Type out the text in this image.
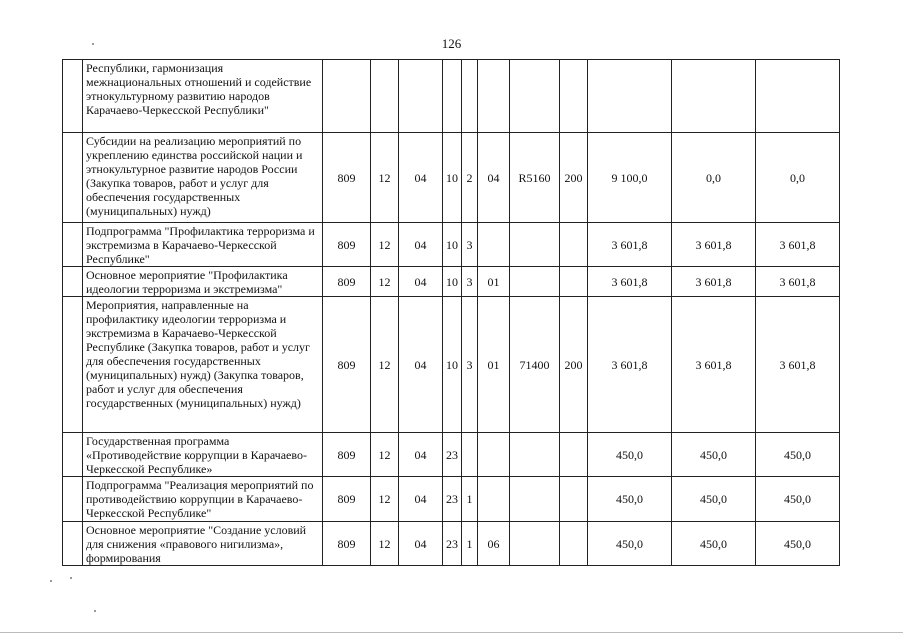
126
	Республики, гармонизация межнациональных отношений и содействие этнокультурному развитию народов Карачаево-Черкесской Республики"											
	Субсидии на реализацию мероприятий по укреплению единства российской нации и этнокультурное развитие народов России (Закупка товаров, работ и услуг для обеспечения государственных (муниципальных) нужд)	809	12	04	10	2	04	R5160	200	9 100,0	0,0	0,0
	Подпрограмма "Профилактика терроризма и экстремизма в Карачаево-Черкесской Республике"	809	12	04	10	3				3 601,8	3 601,8	3 601,8
	Основное мероприятие "Профилактика идеологии терроризма и экстремизма"	809	12	04	10	3	01			3 601,8	3 601,8	3 601,8
	Мероприятия, направленные на профилактику идеологии терроризма и экстремизма в Карачаево-Черкесской Республике (Закупка товаров, работ и услуг для обеспечения государственных (муниципальных) нужд) (Закупка товаров, работ и услуг для обеспечения государственных (муниципальных) нужд)	809	12	04	10	3	01	71400	200	3 601,8	3 601,8	3 601,8
	Государственная программа «Противодействие коррупции в Карачаево-Черкесской Республике»	809	12	04	23					450,0	450,0	450,0
	Подпрограмма "Реализация мероприятий по противодействию коррупции в Карачаево-Черкесской Республике"	809	12	04	23	1				450,0	450,0	450,0
	Основное мероприятие "Создание условий для снижения «правового нигилизма», формирования	809	12	04	23	1	06			450,0	450,0	450,0
